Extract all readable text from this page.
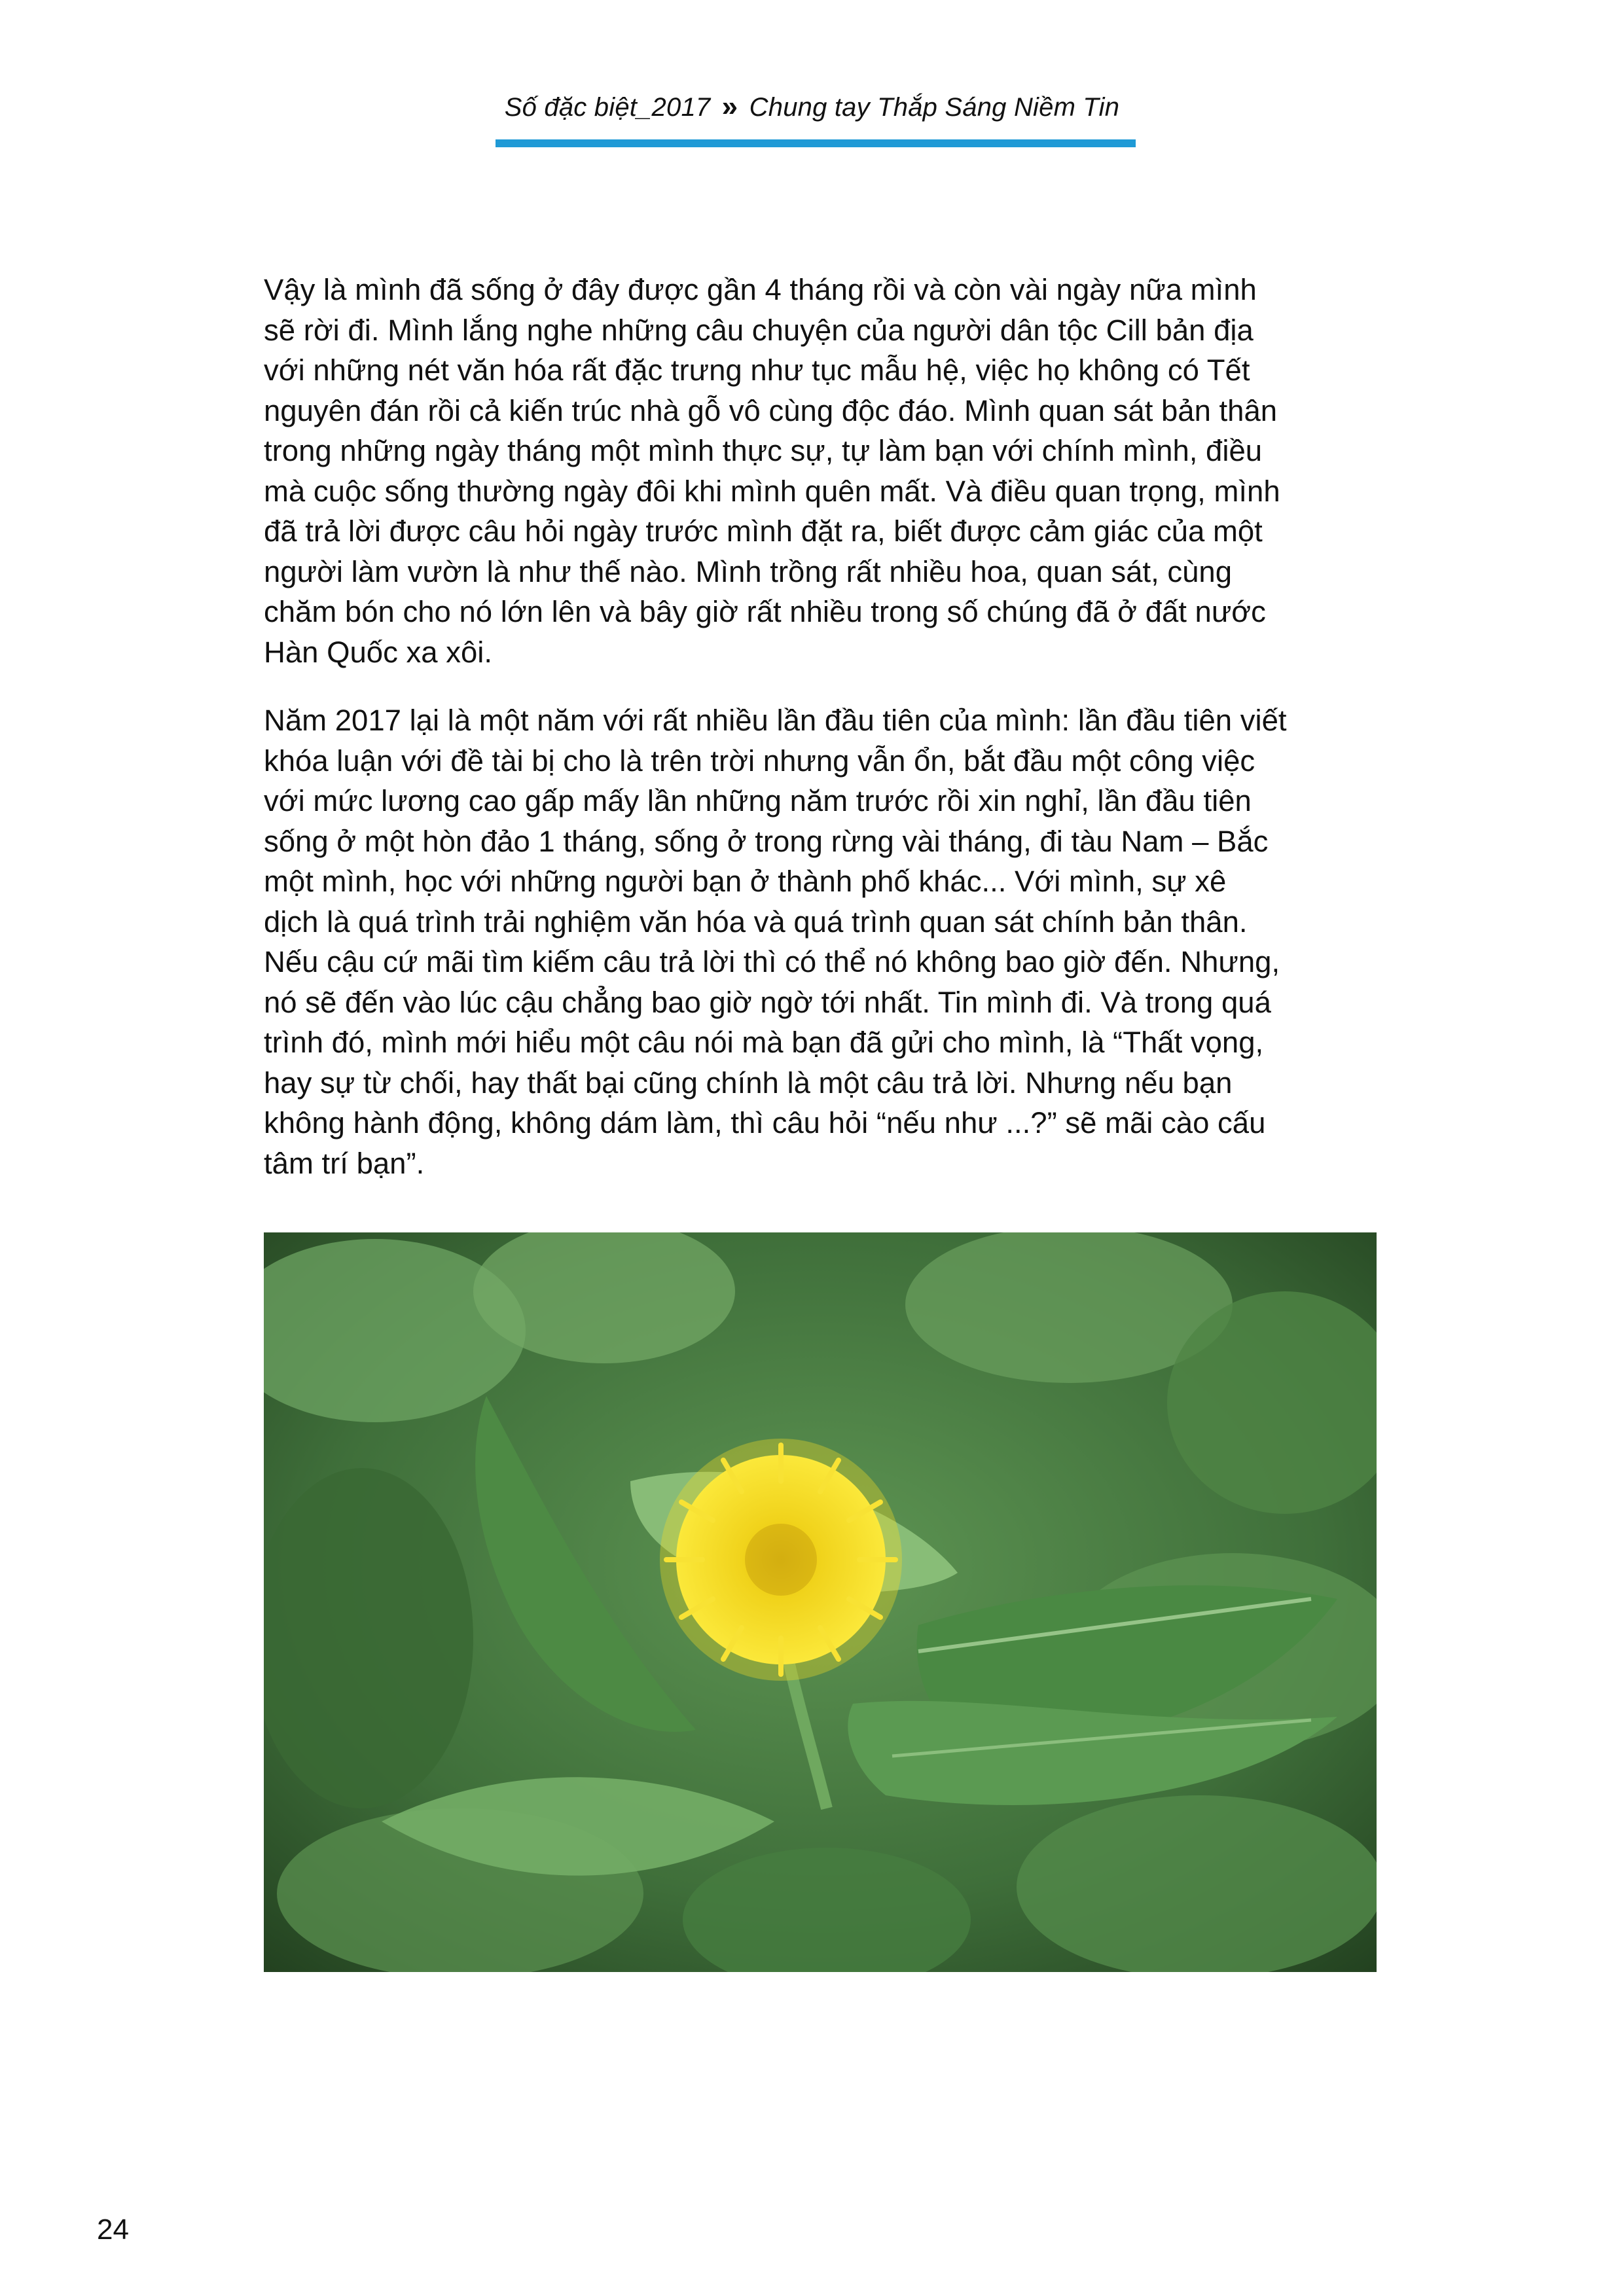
Số đặc biệt_2017 » Chung tay Thắp Sáng Niềm Tin
Vậy là mình đã sống ở đây được gần 4 tháng rồi và còn vài ngày nữa mình
sẽ rời đi. Mình lắng nghe những câu chuyện của người dân tộc Cill bản địa
với những nét văn hóa rất đặc trưng như tục mẫu hệ, việc họ không có Tết
nguyên đán rồi cả kiến trúc nhà gỗ vô cùng độc đáo. Mình quan sát bản thân
trong những ngày tháng một mình thực sự, tự làm bạn với chính mình, điều
mà cuộc sống thường ngày đôi khi mình quên mất. Và điều quan trọng, mình
đã trả lời được câu hỏi ngày trước mình đặt ra, biết được cảm giác của một
người làm vườn là như thế nào. Mình trồng rất nhiều hoa, quan sát, cùng
chăm bón cho nó lớn lên và bây giờ rất nhiều trong số chúng đã ở đất nước
Hàn Quốc xa xôi.
Năm 2017 lại là một năm với rất nhiều lần đầu tiên của mình: lần đầu tiên viết
khóa luận với đề tài bị cho là trên trời nhưng vẫn ổn, bắt đầu một công việc
với mức lương cao gấp mấy lần những năm trước rồi xin nghỉ, lần đầu tiên
sống ở một hòn đảo 1 tháng, sống ở trong rừng vài tháng, đi tàu Nam – Bắc
một mình, học với những người bạn ở thành phố khác... Với mình, sự xê
dịch là quá trình trải nghiệm văn hóa và quá trình quan sát chính bản thân.
Nếu cậu cứ mãi tìm kiếm câu trả lời thì có thể nó không bao giờ đến. Nhưng,
nó sẽ đến vào lúc cậu chẳng bao giờ ngờ tới nhất. Tin mình đi. Và trong quá
trình đó, mình mới hiểu một câu nói mà bạn đã gửi cho mình, là “Thất vọng,
hay sự từ chối, hay thất bại cũng chính là một câu trả lời. Nhưng nếu bạn
không hành động, không dám làm, thì câu hỏi “nếu như ...?” sẽ mãi cào cấu
tâm trí bạn”.
24
